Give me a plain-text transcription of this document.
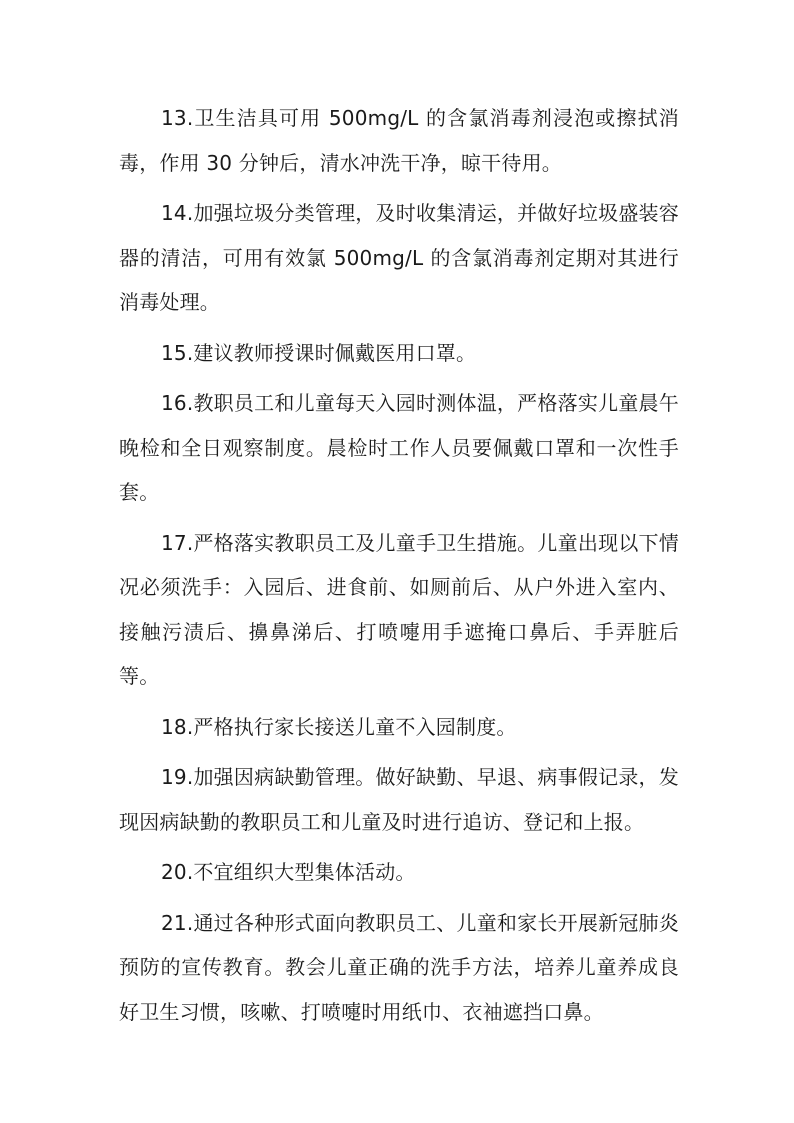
13.卫生洁具可用 500mg/L 的含氯消毒剂浸泡或擦拭消毒，作用 30 分钟后，清水冲洗干净，晾干待用。

14.加强垃圾分类管理，及时收集清运，并做好垃圾盛装容器的清洁，可用有效氯 500mg/L 的含氯消毒剂定期对其进行消毒处理。

15.建议教师授课时佩戴医用口罩。

16.教职员工和儿童每天入园时测体温，严格落实儿童晨午晚检和全日观察制度。晨检时工作人员要佩戴口罩和一次性手套。

17.严格落实教职员工及儿童手卫生措施。儿童出现以下情况必须洗手：入园后、进食前、如厕前后、从户外进入室内、接触污渍后、擤鼻涕后、打喷嚏用手遮掩口鼻后、手弄脏后等。

18.严格执行家长接送儿童不入园制度。

19.加强因病缺勤管理。做好缺勤、早退、病事假记录，发现因病缺勤的教职员工和儿童及时进行追访、登记和上报。

20.不宜组织大型集体活动。

21.通过各种形式面向教职员工、儿童和家长开展新冠肺炎预防的宣传教育。教会儿童正确的洗手方法，培养儿童养成良好卫生习惯，咳嗽、打喷嚏时用纸巾、衣袖遮挡口鼻。
